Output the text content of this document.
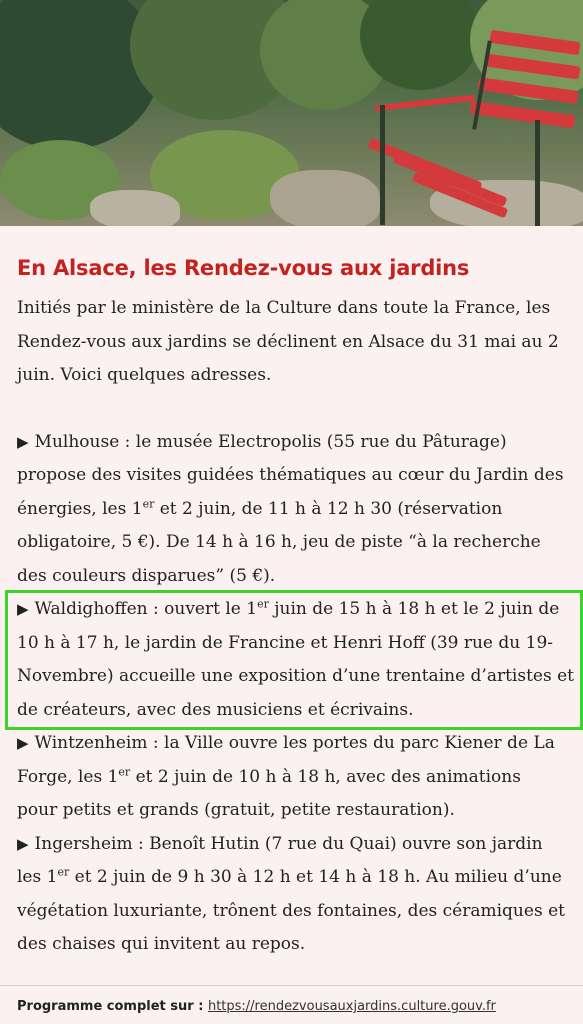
En Alsace, les Rendez-vous aux jardins

Initiés par le ministère de la Culture dans toute la France, les Rendez-vous aux jardins se déclinent en Alsace du 31 mai au 2 juin. Voici quelques adresses.

▶ Mulhouse : le musée Electropolis (55 rue du Pâturage) propose des visites guidées thématiques au cœur du Jardin des énergies, les 1er et 2 juin, de 11 h à 12 h 30 (réservation obligatoire, 5 €). De 14 h à 16 h, jeu de piste “à la recherche des couleurs disparues” (5 €).

▶ Waldighoffen : ouvert le 1er juin de 15 h à 18 h et le 2 juin de 10 h à 17 h, le jardin de Francine et Henri Hoff (39 rue du 19-Novembre) accueille une exposition d’une trentaine d’artistes et de créateurs, avec des musiciens et écrivains.

▶ Wintzenheim : la Ville ouvre les portes du parc Kiener de La Forge, les 1er et 2 juin de 10 h à 18 h, avec des animations pour petits et grands (gratuit, petite restauration).

▶ Ingersheim : Benoît Hutin (7 rue du Quai) ouvre son jardin les 1er et 2 juin de 9 h 30 à 12 h et 14 h à 18 h. Au milieu d’une végétation luxuriante, trônent des fontaines, des céramiques et des chaises qui invitent au repos.

Programme complet sur : https://rendezvousauxjardins.culture.gouv.fr
